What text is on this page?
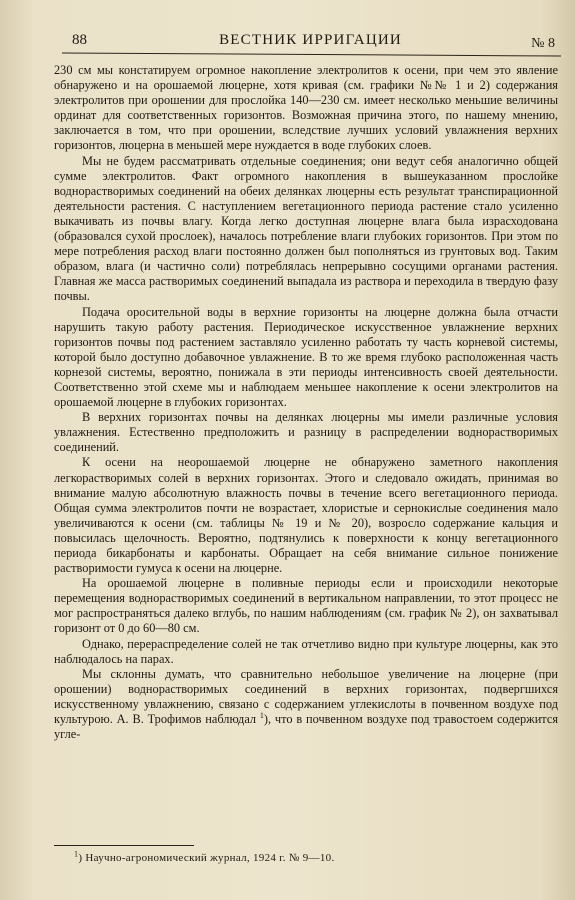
88	ВЕСТНИК ИРРИГАЦИИ	№ 8

230 см мы констатируем огромное накопление электролитов к осени, при чем это явление обнаружено и на орошаемой люцерне, хотя кривая (см. графики №№ 1 и 2) содержания электролитов при орошении для прослойка 140—230 см. имеет несколько меньшие величины ординат для соответственных горизонтов. Возможная причина этого, по нашему мнению, заключается в том, что при орошении, вследствие лучших условий увлажнения верхних горизонтов, люцерна в меньшей мере нуждается в воде глубоких слоев.

Мы не будем рассматривать отдельные соединения; они ведут себя аналогично общей сумме электролитов. Факт огромного накопления в вышеуказанном прослойке воднорастворимых соединений на обеих делянках люцерны есть результат транспирационной деятельности растения. С наступлением вегетационного периода растение стало усиленно выкачивать из почвы влагу. Когда легко доступная люцерне влага была израсходована (образовался сухой прослоек), началось потребление влаги глубоких горизонтов. При этом по мере потребления расход влаги постоянно должен был пополняться из грунтовых вод. Таким образом, влага (и частично соли) потреблялась непрерывно сосущими органами растения. Главная же масса растворимых соединений выпадала из раствора и переходила в твердую фазу почвы.

Подача оросительной воды в верхние горизонты на люцерне должна была отчасти нарушить такую работу растения. Периодическое искусственное увлажнение верхних горизонтов почвы под растением заставляло усиленно работать ту часть корневой системы, которой было доступно добавочное увлажнение. В то же время глубоко расположенная часть корнезой системы, вероятно, понижала в эти периоды интенсивность своей деятельности. Соответственно этой схеме мы и наблюдаем меньшее накопление к осени электролитов на орошаемой люцерне в глубоких горизонтах.

В верхних горизонтах почвы на делянках люцерны мы имели различные условия увлажнения. Естественно предположить и разницу в распределении воднорастворимых соединений.

К осени на неорошаемой люцерне не обнаружено заметного накопления легкорастворимых солей в верхних горизонтах. Этого и следовало ожидать, принимая во внимание малую абсолютную влажность почвы в течение всего вегетационного периода. Общая сумма электролитов почти не возрастает, хлористые и сернокислые соединения мало увеличиваются к осени (см. таблицы № 19 и № 20), возросло содержание кальция и повысилась щелочность. Вероятно, подтянулись к поверхности к концу вегетационного периода бикарбонаты и карбонаты. Обращает на себя внимание сильное понижение растворимости гумуса к осени на люцерне.

На орошаемой люцерне в поливные периоды если и происходили некоторые перемещения воднорастворимых соединений в вертикальном направлении, то этот процесс не мог распространяться далеко вглубь, по нашим наблюдениям (см. график № 2), он захватывал горизонт от 0 до 60—80 см.

Однако, перераспределение солей не так отчетливо видно при культуре люцерны, как это наблюдалось на парах.

Мы склонны думать, что сравнительно небольшое увеличение на люцерне (при орошении) воднорастворимых соединений в верхних горизонтах, подвергшихся искусственному увлажнению, связано с содержанием углекислоты в почвенном воздухе под культурою. А. В. Трофимов наблюдал $^1$), что в почвенном воздухе под травостоем содержится угле-

$^1$) Научно-агрономический журнал, 1924 г. № 9—10.
